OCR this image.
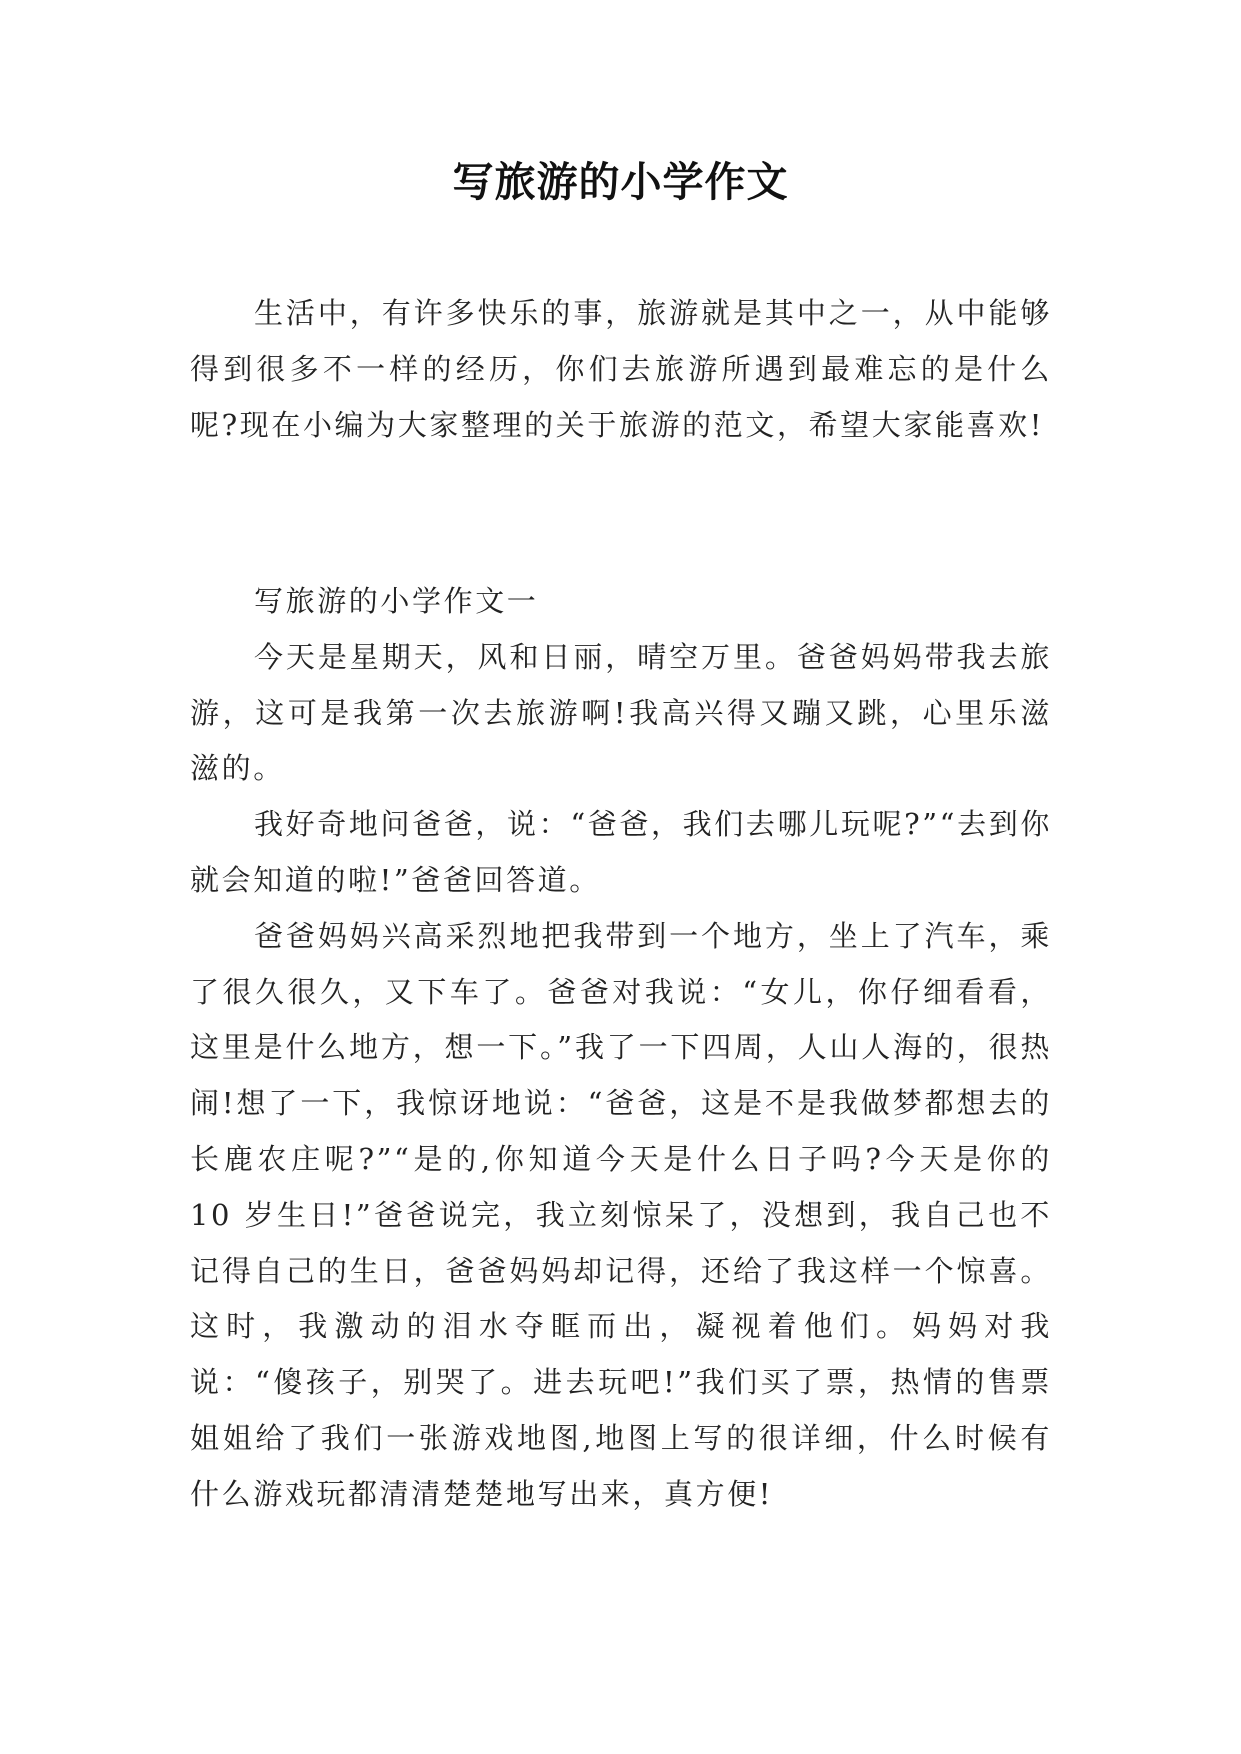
写旅游的小学作文

生活中，有许多快乐的事，旅游就是其中之一，从中能够得到很多不一样的经历，你们去旅游所遇到最难忘的是什么呢?现在小编为大家整理的关于旅游的范文，希望大家能喜欢!

写旅游的小学作文一

今天是星期天，风和日丽，晴空万里。爸爸妈妈带我去旅游，这可是我第一次去旅游啊!我高兴得又蹦又跳，心里乐滋滋的。

我好奇地问爸爸，说：“爸爸，我们去哪儿玩呢?”“去到你就会知道的啦!”爸爸回答道。

爸爸妈妈兴高采烈地把我带到一个地方，坐上了汽车，乘了很久很久，又下车了。爸爸对我说：“女儿，你仔细看看，这里是什么地方，想一下。”我了一下四周，人山人海的，很热闹!想了一下，我惊讶地说：“爸爸，这是不是我做梦都想去的长鹿农庄呢?”“是的,你知道今天是什么日子吗?今天是你的 10 岁生日!”爸爸说完，我立刻惊呆了，没想到，我自己也不记得自己的生日，爸爸妈妈却记得，还给了我这样一个惊喜。这时，我激动的泪水夺眶而出，凝视着他们。妈妈对我说：“傻孩子，别哭了。进去玩吧!”我们买了票，热情的售票姐姐给了我们一张游戏地图,地图上写的很详细，什么时候有什么游戏玩都清清楚楚地写出来，真方便!
